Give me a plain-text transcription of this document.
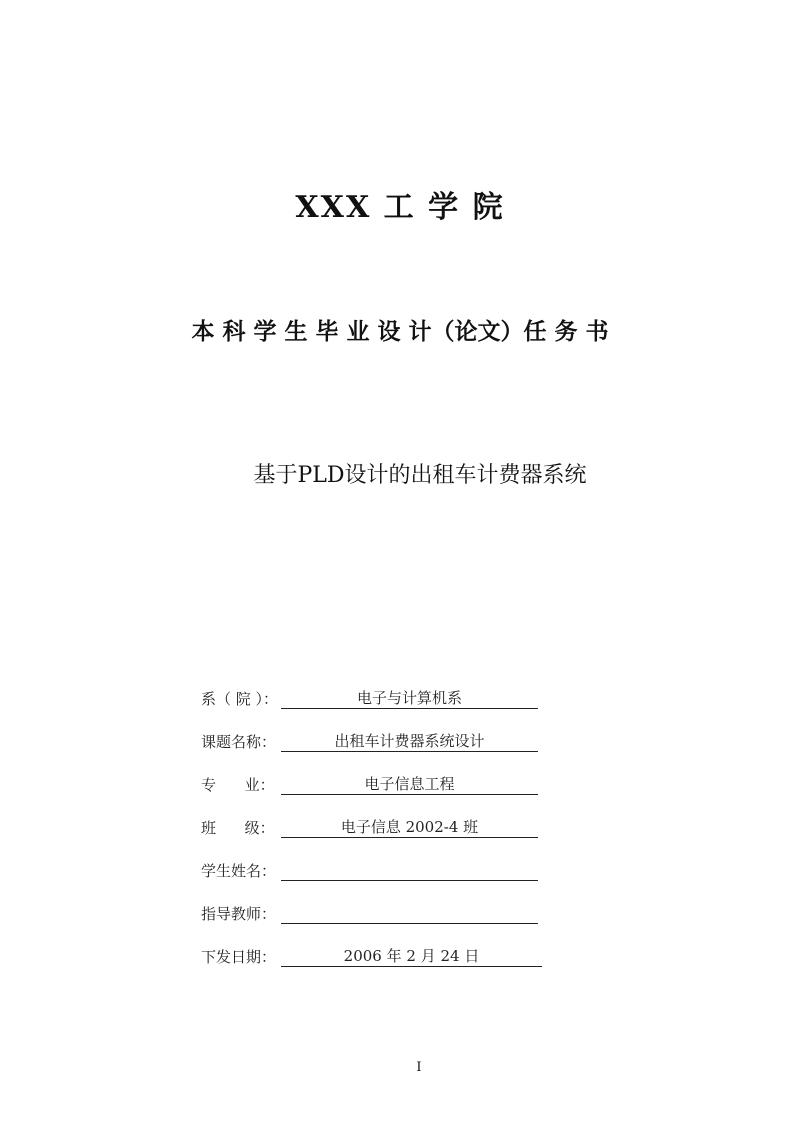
XXX 工 学 院
本 科 学 生 毕 业 设 计（论文）任 务 书
基于PLD设计的出租车计费器系统
系（ 院 ）：	电子与计算机系
课题名称：	出租车计费器系统设计
专      业：	电子信息工程
班      级：	电子信息 2002-4 班
学生姓名：
指导教师：
下发日期：	2006 年 2 月 24 日
I
